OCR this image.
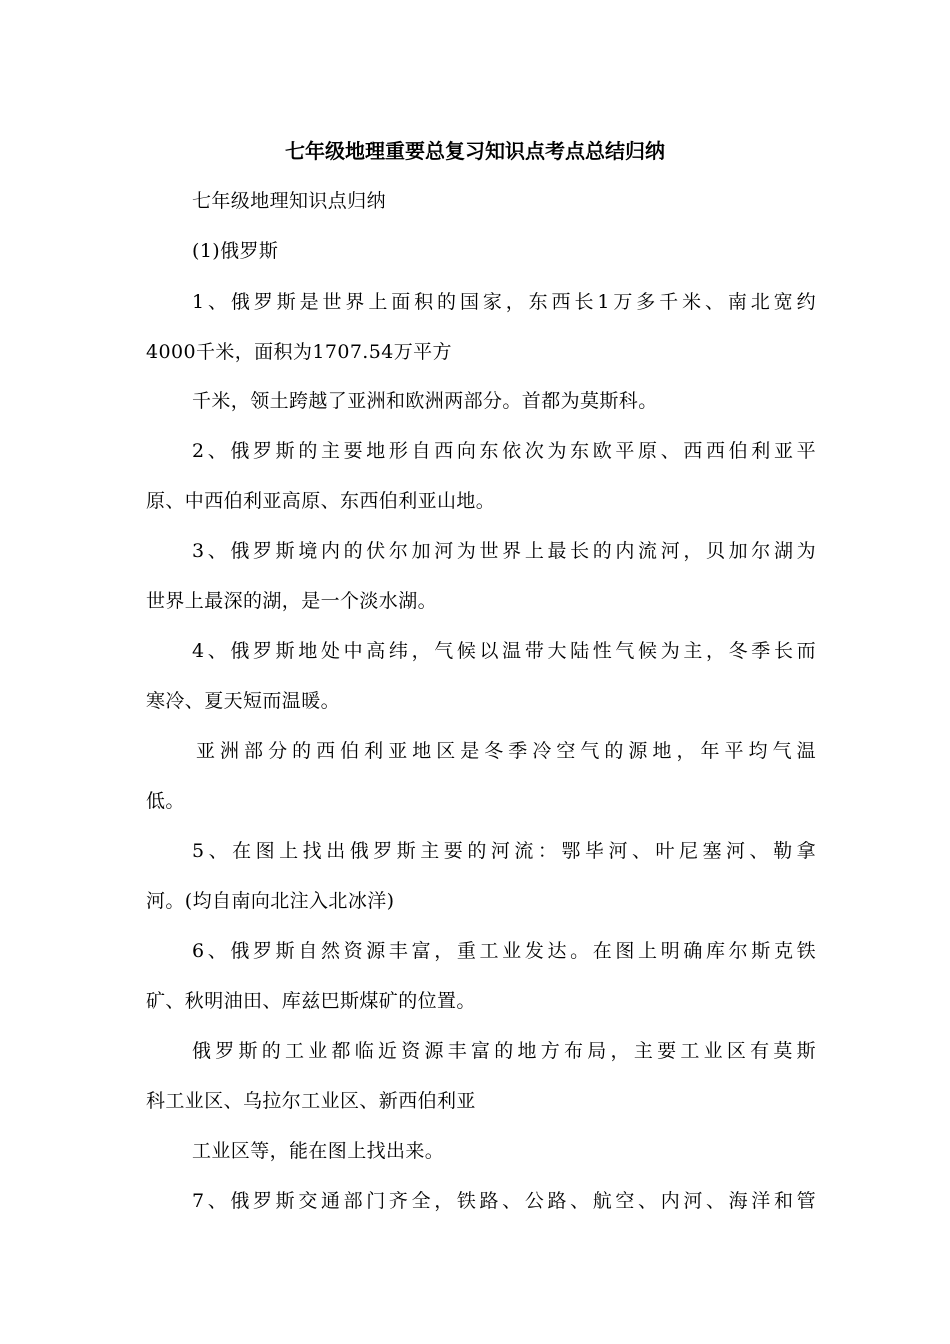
七年级地理重要总复习知识点考点总结归纳

七年级地理知识点归纳

(1)俄罗斯

1、俄罗斯是世界上面积的国家，东西长1万多千米、南北宽约

4000千米，面积为1707.54万平方

千米，领土跨越了亚洲和欧洲两部分。首都为莫斯科。

2、俄罗斯的主要地形自西向东依次为东欧平原、西西伯利亚平

原、中西伯利亚高原、东西伯利亚山地。

3、俄罗斯境内的伏尔加河为世界上最长的内流河，贝加尔湖为

世界上最深的湖，是一个淡水湖。

4、俄罗斯地处中高纬，气候以温带大陆性气候为主，冬季长而

寒冷、夏天短而温暖。

亚洲部分的西伯利亚地区是冬季冷空气的源地，年平均气温

低。

5、在图上找出俄罗斯主要的河流：鄂毕河、叶尼塞河、勒拿

河。(均自南向北注入北冰洋)

6、俄罗斯自然资源丰富，重工业发达。在图上明确库尔斯克铁

矿、秋明油田、库兹巴斯煤矿的位置。

俄罗斯的工业都临近资源丰富的地方布局，主要工业区有莫斯

科工业区、乌拉尔工业区、新西伯利亚

工业区等，能在图上找出来。

7、俄罗斯交通部门齐全，铁路、公路、航空、内河、海洋和管
